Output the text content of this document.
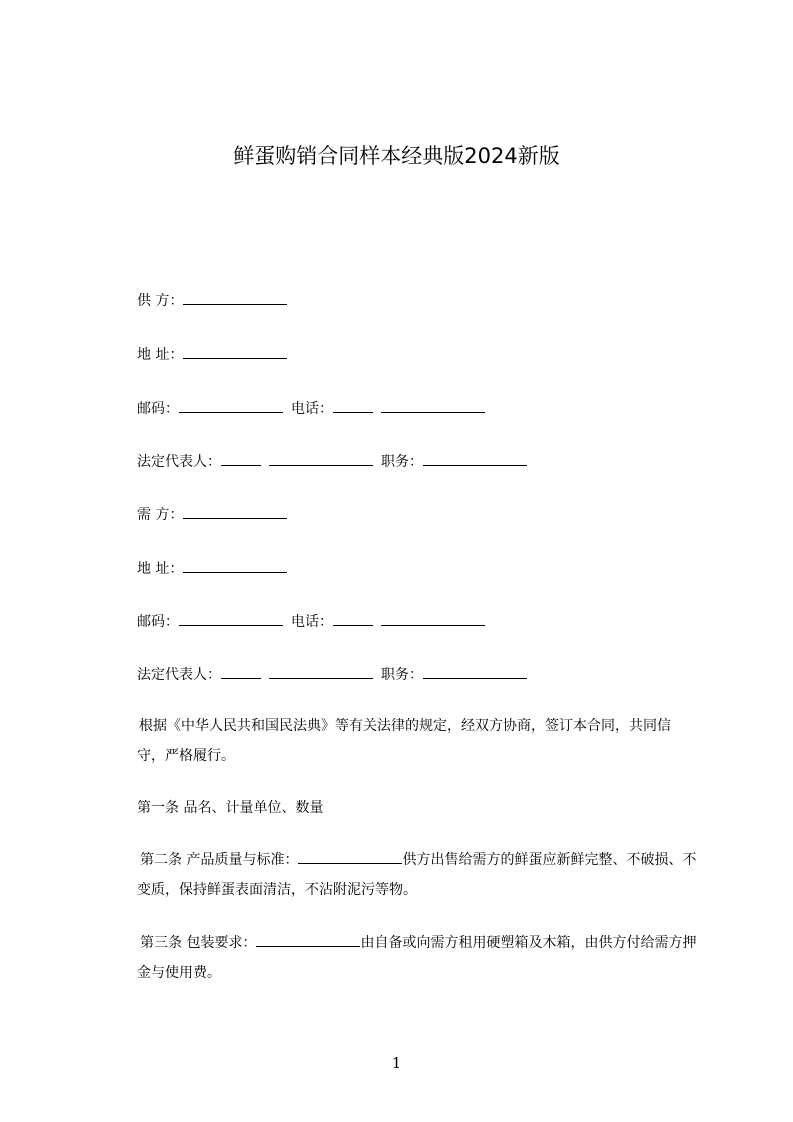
鲜蛋购销合同样本经典版2024新版
供 方：
地 址：
邮码：	电话：
法定代表人：	职务：
需 方：
地 址：
邮码：	电话：
法定代表人：	职务：

根据《中华人民共和国民法典》等有关法律的规定，经双方协商，签订本合同，共同信守，严格履行。

第一条 品名、计量单位、数量

第二条 产品质量与标准：	供方出售给需方的鲜蛋应新鲜完整、不破损、不变质，保持鲜蛋表面清洁，不沾附泥污等物。

第三条 包装要求：	由自备或向需方租用硬塑箱及木箱，由供方付给需方押金与使用费。

1
